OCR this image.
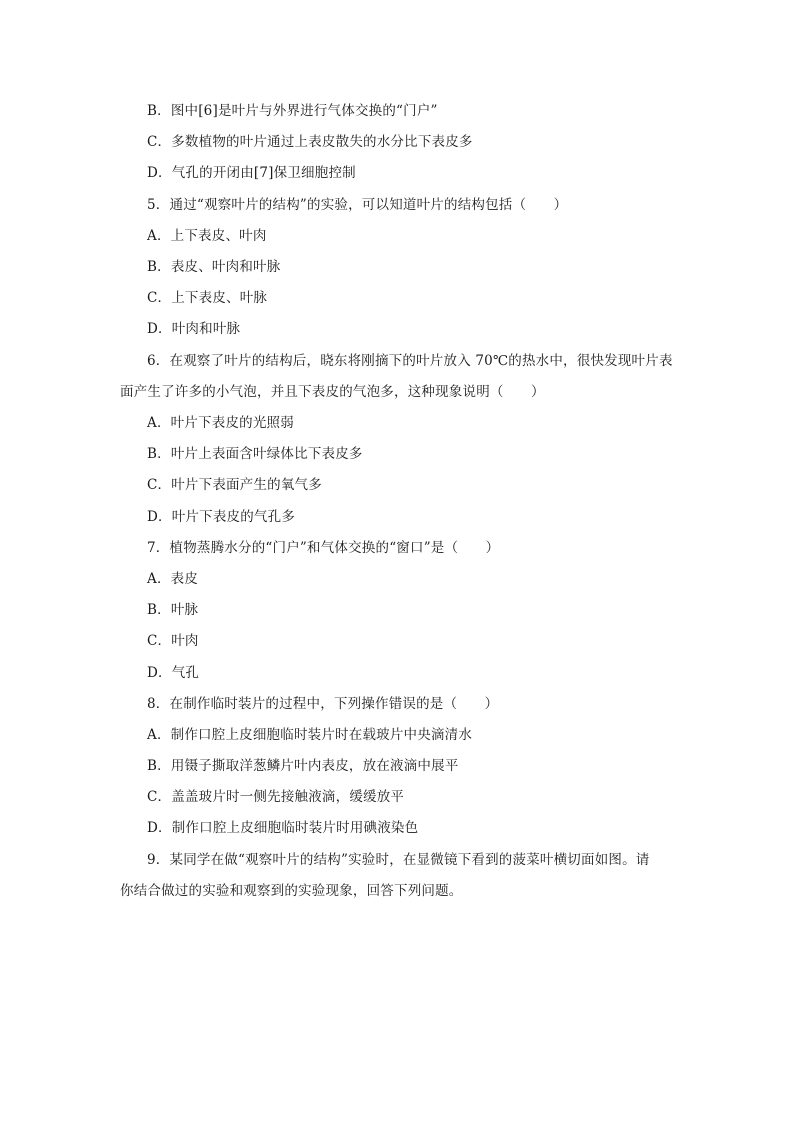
B．图中[6]是叶片与外界进行气体交换的“门户”
C．多数植物的叶片通过上表皮散失的水分比下表皮多
D．气孔的开闭由[7]保卫细胞控制
5．通过“观察叶片的结构”的实验，可以知道叶片的结构包括（　　）
A．上下表皮、叶肉
B．表皮、叶肉和叶脉
C．上下表皮、叶脉
D．叶肉和叶脉
6．在观察了叶片的结构后，晓东将刚摘下的叶片放入 70℃的热水中，很快发现叶片表
面产生了许多的小气泡，并且下表皮的气泡多，这种现象说明（　　）
A．叶片下表皮的光照弱
B．叶片上表面含叶绿体比下表皮多
C．叶片下表面产生的氧气多
D．叶片下表皮的气孔多
7．植物蒸腾水分的“门户”和气体交换的“窗口”是（　　）
A．表皮
B．叶脉
C．叶肉
D．气孔
8．在制作临时装片的过程中，下列操作错误的是（　　）
A．制作口腔上皮细胞临时装片时在载玻片中央滴清水
B．用镊子撕取洋葱鳞片叶内表皮，放在液滴中展平
C．盖盖玻片时一侧先接触液滴，缓缓放平
D．制作口腔上皮细胞临时装片时用碘液染色
9．某同学在做“观察叶片的结构”实验时，在显微镜下看到的菠菜叶横切面如图。请
你结合做过的实验和观察到的实验现象，回答下列问题。
